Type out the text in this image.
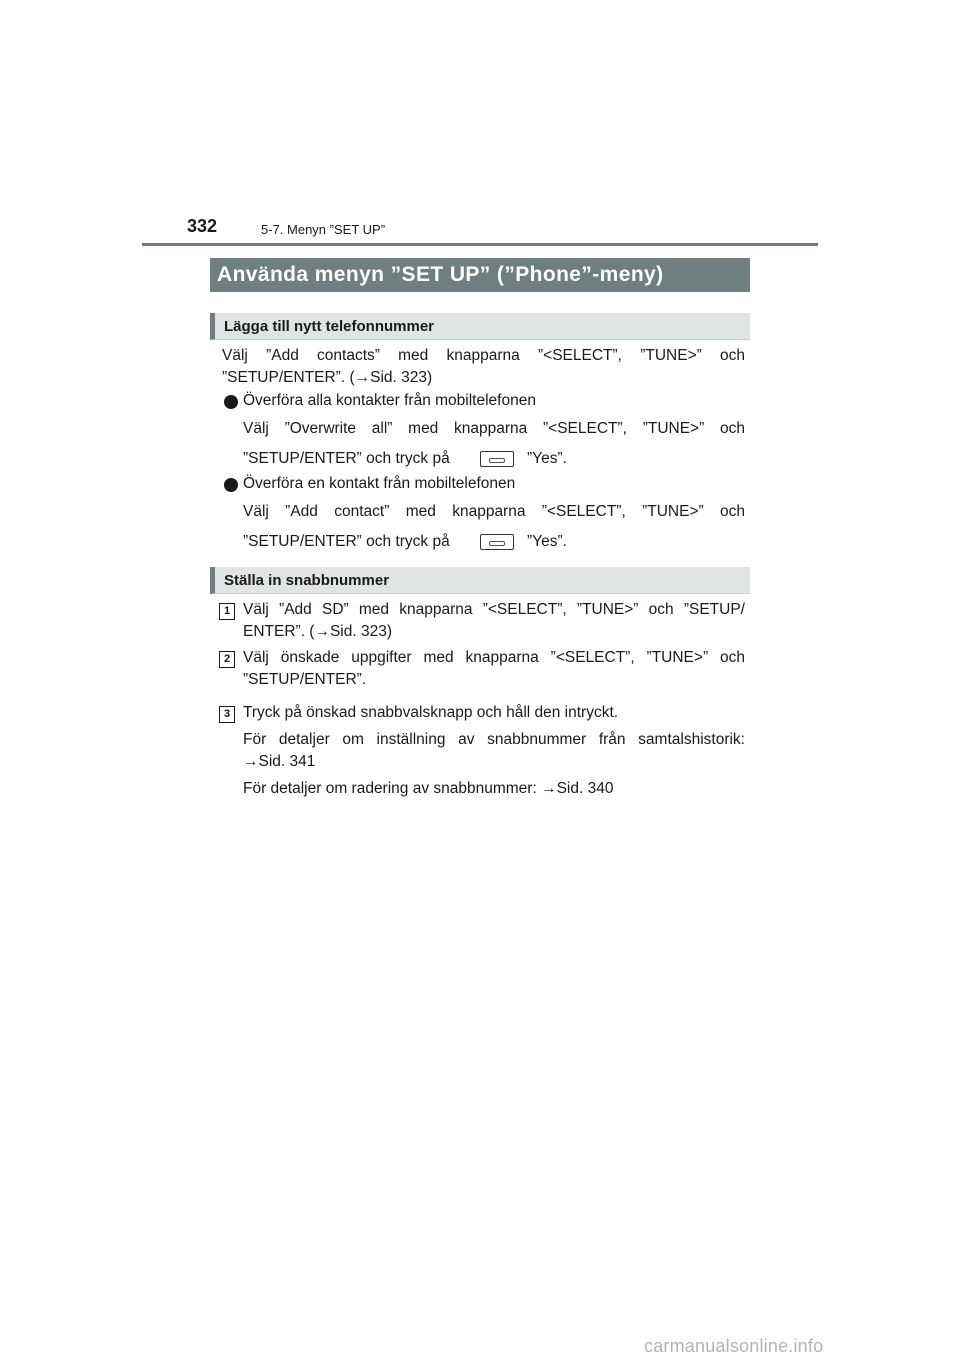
332	5-7. Menyn ”SET UP”
Använda menyn ”SET UP” (”Phone”-meny)
Lägga till nytt telefonnummer
Välj ”Add contacts” med knapparna ”<SELECT”, ”TUNE>” och
”SETUP/ENTER”. (→Sid. 323)
Överföra alla kontakter från mobiltelefonen
Välj ”Overwrite all” med knapparna ”<SELECT”, ”TUNE>” och
”SETUP/ENTER” och tryck på	”Yes”.
Överföra en kontakt från mobiltelefonen
Välj ”Add contact” med knapparna ”<SELECT”, ”TUNE>” och
”SETUP/ENTER” och tryck på	”Yes”.
Ställa in snabbnummer
1 Välj ”Add SD” med knapparna ”<SELECT”, ”TUNE>” och ”SETUP/
ENTER”. (→Sid. 323)
2 Välj önskade uppgifter med knapparna ”<SELECT”, ”TUNE>” och
”SETUP/ENTER”.
3 Tryck på önskad snabbvalsknapp och håll den intryckt.
För detaljer om inställning av snabbnummer från samtalshistorik:
→Sid. 341
För detaljer om radering av snabbnummer: →Sid. 340
carmanualsonline.info
